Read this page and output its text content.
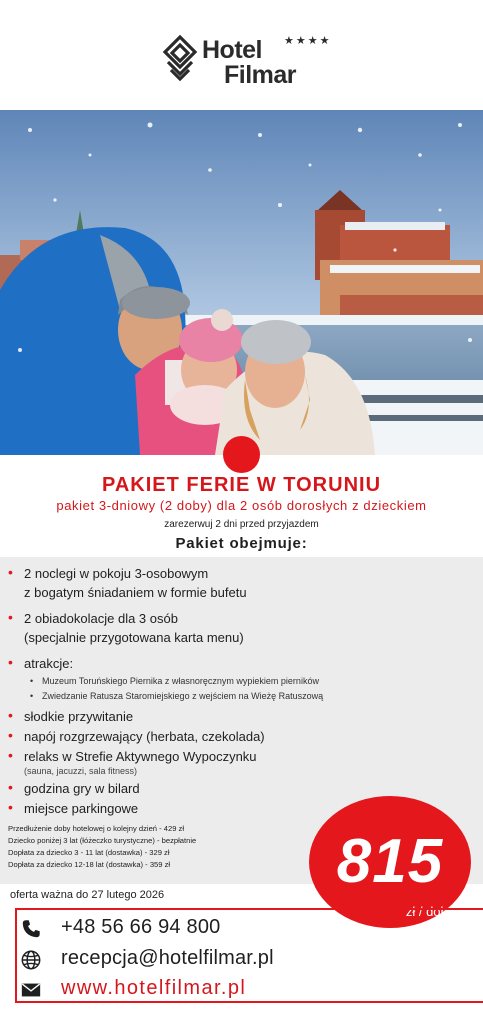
Hotel
Filmar
★★★★
PAKIET FERIE W TORUNIU
pakiet 3-dniowy (2 doby) dla 2 osób dorosłych z dzieckiem
zarezerwuj 2 dni przed przyjazdem
Pakiet obejmuje:
• 2 noclegi w pokoju 3-osobowym
z bogatym śniadaniem w formie bufetu
• 2 obiadokolacje dla 3 osób
(specjalnie przygotowana karta menu)
• atrakcje:
• Muzeum Toruńskiego Piernika z własnoręcznym wypiekiem pierników
• Zwiedzanie Ratusza Staromiejskiego z wejściem na Wieżę Ratuszową
• słodkie przywitanie
• napój rozgrzewający (herbata, czekolada)
• relaks w Strefie Aktywnego Wypoczynku
(sauna, jacuzzi, sala fitness)
• godzina gry w bilard
• miejsce parkingowe
Przedłużenie doby hotelowej o kolejny dzień - 429 zł
Dziecko poniżej 3 lat (łóżeczko turystyczne) - bezpłatnie
Dopłata za dziecko 3 - 11 lat (dostawka) - 329 zł
Dopłata za dziecko 12-18 lat (dostawka) - 359 zł	815
zł / doba
oferta ważna do 27 lutego 2026
+48 56 66 94 800
recepcja@hotelfilmar.pl
www.hotelfilmar.pl
